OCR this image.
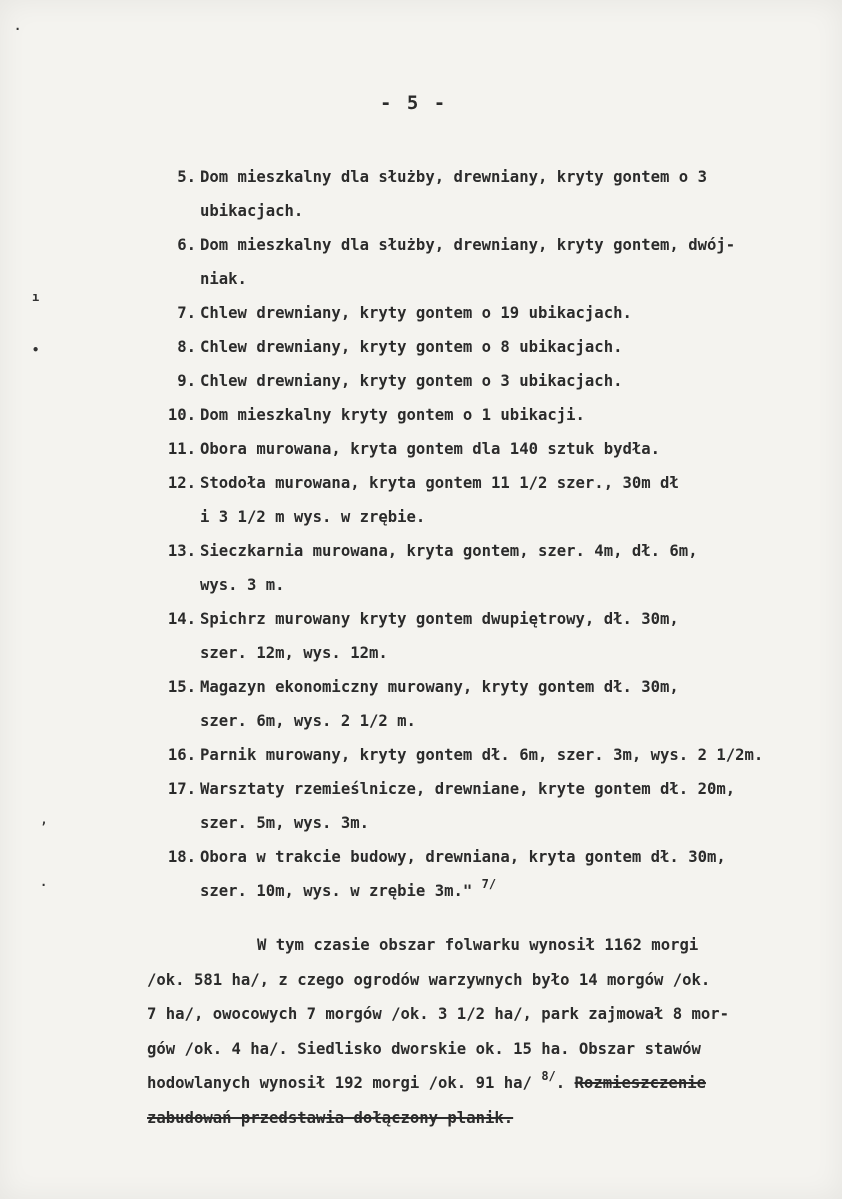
- 5 -
·
ı
•
ʼ
·
5. Dom mieszkalny dla służby, drewniany, kryty gontem o 3
ubikacjach.
6. Dom mieszkalny dla służby, drewniany, kryty gontem, dwój-
niak.
7. Chlew drewniany, kryty gontem o 19 ubikacjach.
8. Chlew drewniany, kryty gontem o 8 ubikacjach.
9. Chlew drewniany, kryty gontem o 3 ubikacjach.
10. Dom mieszkalny kryty gontem o 1 ubikacji.
11. Obora murowana, kryta gontem dla 140 sztuk bydła.
12. Stodoła murowana, kryta gontem 11 1/2 szer., 30m dł
i 3 1/2 m wys. w zrębie.
13. Sieczkarnia murowana, kryta gontem, szer. 4m, dł. 6m,
wys. 3 m.
14. Spichrz murowany kryty gontem dwupiętrowy, dł. 30m,
szer. 12m, wys. 12m.
15. Magazyn ekonomiczny murowany, kryty gontem dł. 30m,
szer. 6m, wys. 2 1/2 m.
16. Parnik murowany, kryty gontem dł. 6m, szer. 3m, wys. 2 1/2m.
17. Warsztaty rzemieślnicze, drewniane, kryte gontem dł. 20m,
szer. 5m, wys. 3m.
18. Obora w trakcie budowy, drewniana, kryta gontem dł. 30m,
szer. 10m, wys. w zrębie 3m." $^{7/}$
W tym czasie obszar folwarku wynosił 1162 morgi
/ok. 581 ha/, z czego ogrodów warzywnych było 14 morgów /ok.
7 ha/, owocowych 7 morgów /ok. 3 1/2 ha/, park zajmował 8 mor-
gów /ok. 4 ha/. Siedlisko dworskie ok. 15 ha. Obszar stawów
hodowlanych wynosił 192 morgi /ok. 91 ha/ $^{8/}$. Rozmieszczenie
zabudowań przedstawia dołączony planik.
